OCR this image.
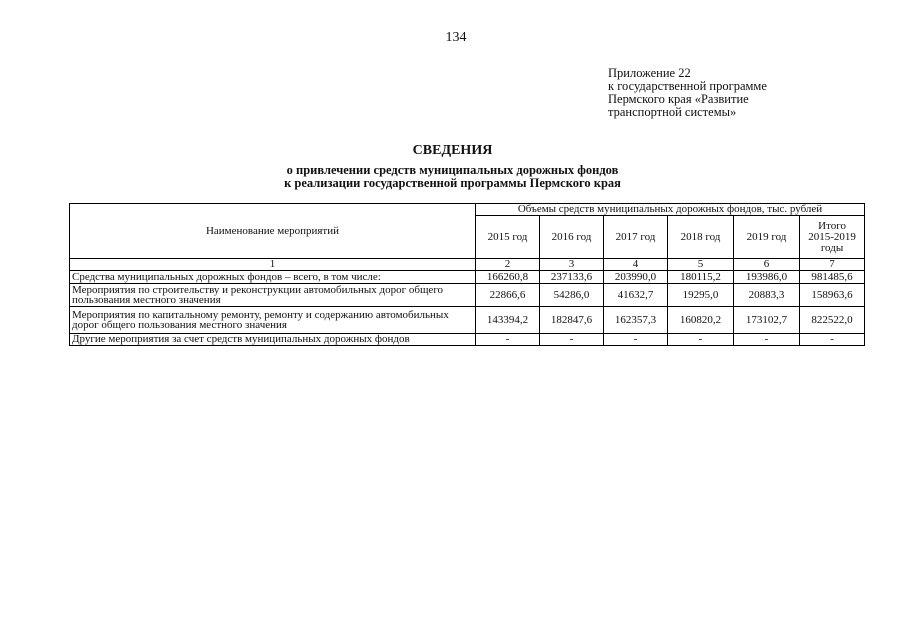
134
Приложение 22
к государственной программе
Пермского края «Развитие
транспортной системы»
СВЕДЕНИЯ
о привлечении средств муниципальных дорожных фондов
к реализации государственной программы Пермского края
Наименование мероприятий	Объемы средств муниципальных дорожных фондов, тыс. рублей					
	2015 год	2016 год	2017 год	2018 год	2019 год	Итого
2015-2019
годы

1	2	3	4	5	6	7
Средства муниципальных дорожных фондов – всего, в том числе:	166260,8	237133,6	203990,0	180115,2	193986,0	981485,6
Мероприятия по строительству и реконструкции автомобильных дорог общего пользования местного значения	22866,6	54286,0	41632,7	19295,0	20883,3	158963,6
Мероприятия по капитальному ремонту, ремонту и содержанию автомобильных дорог общего пользования местного значения	143394,2	182847,6	162357,3	160820,2	173102,7	822522,0
Другие мероприятия за счет средств муниципальных дорожных фондов	-	-	-	-	-	-
